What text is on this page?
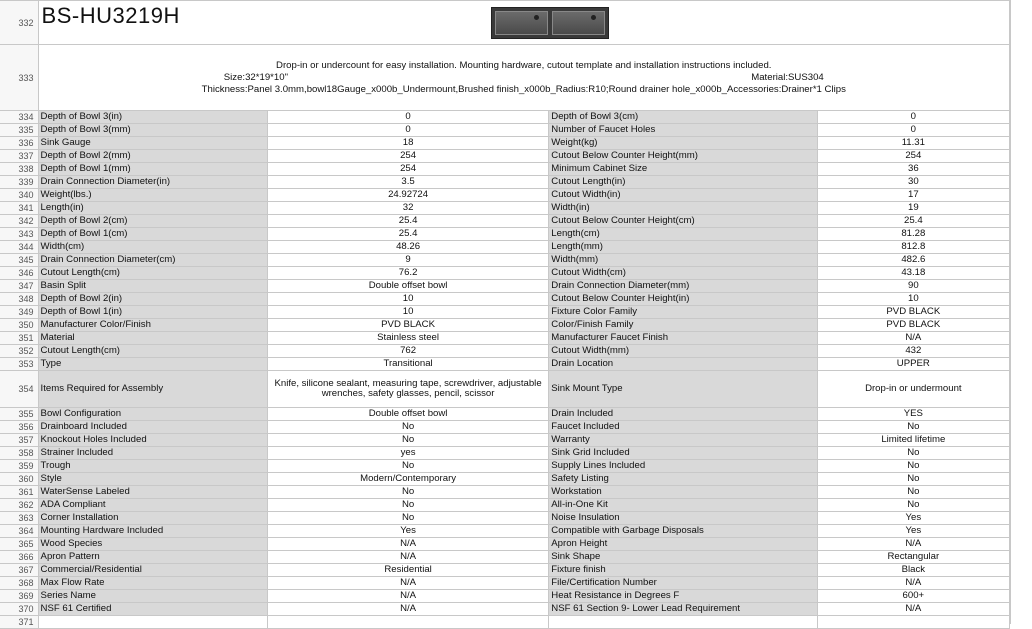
332	BS-HU3219H			

333	Drop-in or undercount for easy installation. Mounting hardware, cutout template and installation instructions included.
Size:32*19*10" Material:SUS304
Thickness:Panel 3.0mm,bowl18Gauge_x000b_Undermount,Brushed finish_x000b_Radius:R10;Round drainer hole_x000b_Accessories:Drainer*1 Clips			

334	Depth of Bowl 3(in)	0	Depth of Bowl 3(cm)	0
335	Depth of Bowl 3(mm)	0	Number of Faucet Holes	0
336	Sink Gauge	18	Weight(kg)	11.31
337	Depth of Bowl 2(mm)	254	Cutout Below Counter Height(mm)	254
338	Depth of Bowl 1(mm)	254	Minimum Cabinet Size	36
339	Drain Connection Diameter(in)	3.5	Cutout Length(in)	30
340	Weight(lbs.)	24.92724	Cutout Width(in)	17
341	Length(in)	32	Width(in)	19
342	Depth of Bowl 2(cm)	25.4	Cutout Below Counter Height(cm)	25.4
343	Depth of Bowl 1(cm)	25.4	Length(cm)	81.28
344	Width(cm)	48.26	Length(mm)	812.8
345	Drain Connection Diameter(cm)	9	Width(mm)	482.6
346	Cutout Length(cm)	76.2	Cutout Width(cm)	43.18
347	Basin Split	Double offset bowl	Drain Connection Diameter(mm)	90
348	Depth of Bowl 2(in)	10	Cutout Below Counter Height(in)	10
349	Depth of Bowl 1(in)	10	Fixture Color Family	PVD BLACK
350	Manufacturer Color/Finish	PVD BLACK	Color/Finish Family	PVD BLACK
351	Material	Stainless steel	Manufacturer Faucet Finish	N/A
352	Cutout Length(cm)	762	Cutout Width(mm)	432
353	Type	Transitional	Drain Location	UPPER
354	Items Required for Assembly	Knife, silicone sealant, measuring tape, screwdriver, adjustable wrenches, safety glasses, pencil, scissor	Sink Mount Type	Drop-in or undermount
355	Bowl Configuration	Double offset bowl	Drain Included	YES
356	Drainboard Included	No	Faucet Included	No
357	Knockout Holes Included	No	Warranty	Limited lifetime
358	Strainer Included	yes	Sink Grid Included	No
359	Trough	No	Supply Lines Included	No
360	Style	Modern/Contemporary	Safety Listing	No
361	WaterSense Labeled	No	Workstation	No
362	ADA Compliant	No	All-in-One Kit	No
363	Corner Installation	No	Noise Insulation	Yes
364	Mounting Hardware Included	Yes	Compatible with Garbage Disposals	Yes
365	Wood Species	N/A	Apron Height	N/A
366	Apron Pattern	N/A	Sink Shape	Rectangular
367	Commercial/Residential	Residential	Fixture finish	Black
368	Max Flow Rate	N/A	File/Certification Number	N/A
369	Series Name	N/A	Heat Resistance in Degrees F	600+
370	NSF 61 Certified	N/A	NSF 61 Section 9- Lower Lead Requirement	N/A
371				
